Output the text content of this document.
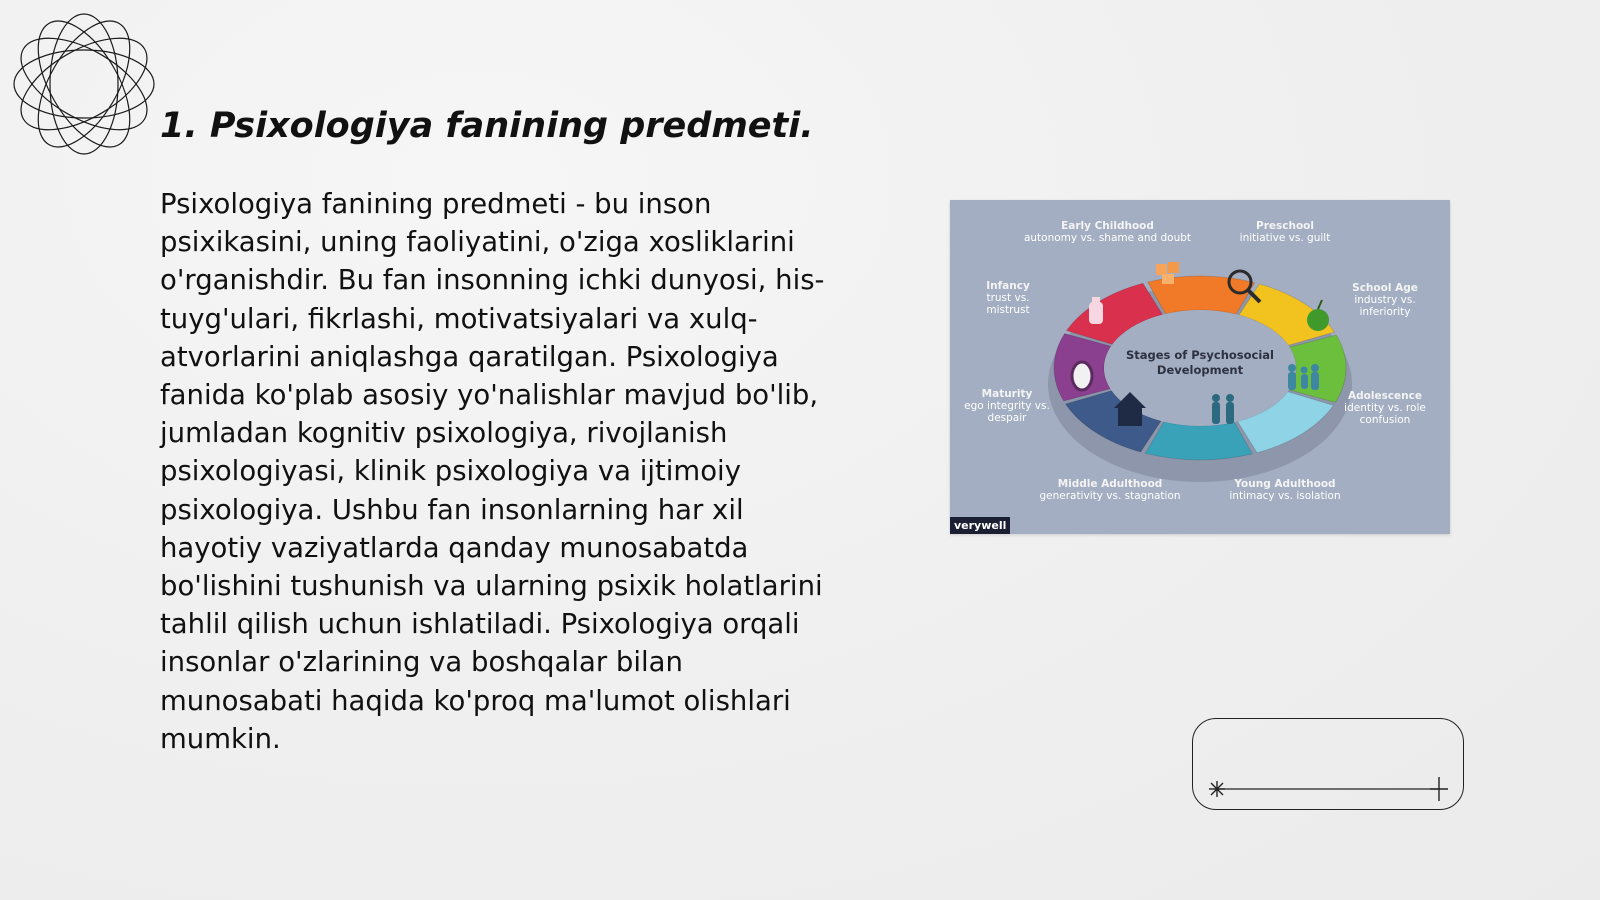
1. Psixologiya fanining predmeti.

Psixologiya fanining predmeti - bu inson psixikasini, uning faoliyatini, o'ziga xosliklarini o'rganishdir. Bu fan insonning ichki dunyosi, his-tuyg'ulari, fikrlashi, motivatsiyalari va xulq-atvorlarini aniqlashga qaratilgan. Psixologiya fanida ko'plab asosiy yo'nalishlar mavjud bo'lib, jumladan kognitiv psixologiya, rivojlanish psixologiyasi, klinik psixologiya va ijtimoiy psixologiya. Ushbu fan insonlarning har xil hayotiy vaziyatlarda qanday munosabatda bo'lishini tushunish va ularning psixik holatlarini tahlil qilish uchun ishlatiladi. Psixologiya orqali insonlar o'zlarining va boshqalar bilan munosabati haqida ko'proq ma'lumot olishlari mumkin.

Stages of Psychosocial Development
Early Childhood
autonomy vs. shame and doubt
Preschool
initiative vs. guilt
School Age
industry vs. inferiority
Adolescence
identity vs. role confusion
Young Adulthood
intimacy vs. isolation
Middle Adulthood
generativity vs. stagnation
Maturity
ego integrity vs. despair
Infancy
trust vs. mistrust
verywell
